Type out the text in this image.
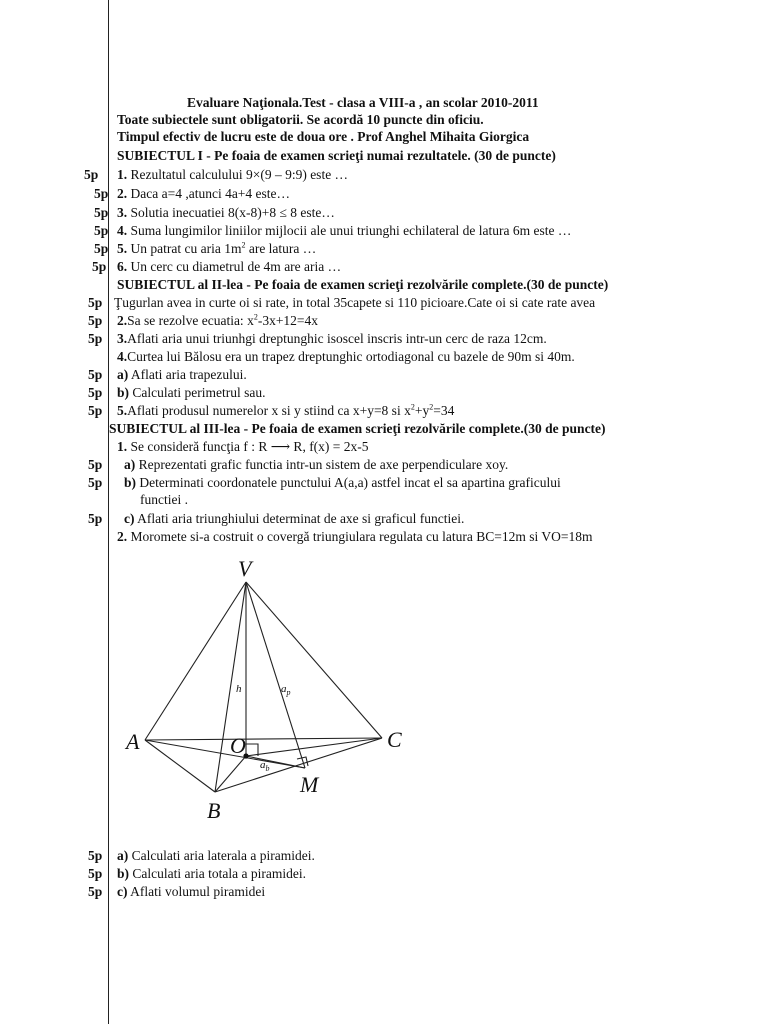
Evaluare Naţionala.Test - clasa a VIII-a , an scolar 2010-2011
Toate subiectele sunt obligatorii. Se acordă 10 puncte din oficiu.
Timpul efectiv de lucru este de doua ore . Prof Anghel Mihaita Giorgica
SUBIECTUL I - Pe foaia de examen scrieţi numai rezultatele. (30 de puncte)
5p 1. Rezultatul calculului 9×(9 – 9:9) este …
5p 2. Daca a=4 ,atunci 4a+4 este…
5p 3. Solutia inecuatiei 8(x-8)+8 ≤ 8 este…
5p 4. Suma lungimilor liniilor mijlocii ale unui triunghi echilateral de latura 6m este …
5p 5. Un patrat cu aria $1m^2$ are latura …
5p 6. Un cerc cu diametrul de 4m are aria …
SUBIECTUL al II-lea - Pe foaia de examen scrieţi rezolvările complete.(30 de puncte)
5p Ţugurlan avea in curte oi si rate, in total 35capete si 110 picioare.Cate oi si cate rate avea
5p 2.Sa se rezolve ecuatia: $x^2-3x+12=4x$
5p 3.Aflati aria unui triunhgi dreptunghic isoscel inscris intr-un cerc de raza 12cm.
4.Curtea lui Bălosu era un trapez dreptunghic ortodiagonal cu bazele de 90m si 40m.
5p a) Aflati aria trapezului.
5p b) Calculati perimetrul sau.
5p 5.Aflati produsul numerelor x si y stiind ca x+y=8 si $x^2+y^2=34$
SUBIECTUL al III-lea - Pe foaia de examen scrieţi rezolvările complete.(30 de puncte)
1. Se consideră funcţia f : R ⟶ R, f(x) = 2x-5
5p a) Reprezentati grafic functia intr-un sistem de axe perpendiculare xoy.
5p b) Determinati coordonatele punctului A(a,a) astfel incat el sa apartina graficului
functiei .
5p c) Aflati aria triunghiului determinat de axe si graficul functiei.
2. Moromete si-a costruit o covergă triungiulara regulata cu latura BC=12m si VO=18m
V
A	C
B
O
M
h	$a_p$
$a_b$
5p a) Calculati aria laterala a piramidei.
5p b) Calculati aria totala a piramidei.
5p c) Aflati volumul piramidei
